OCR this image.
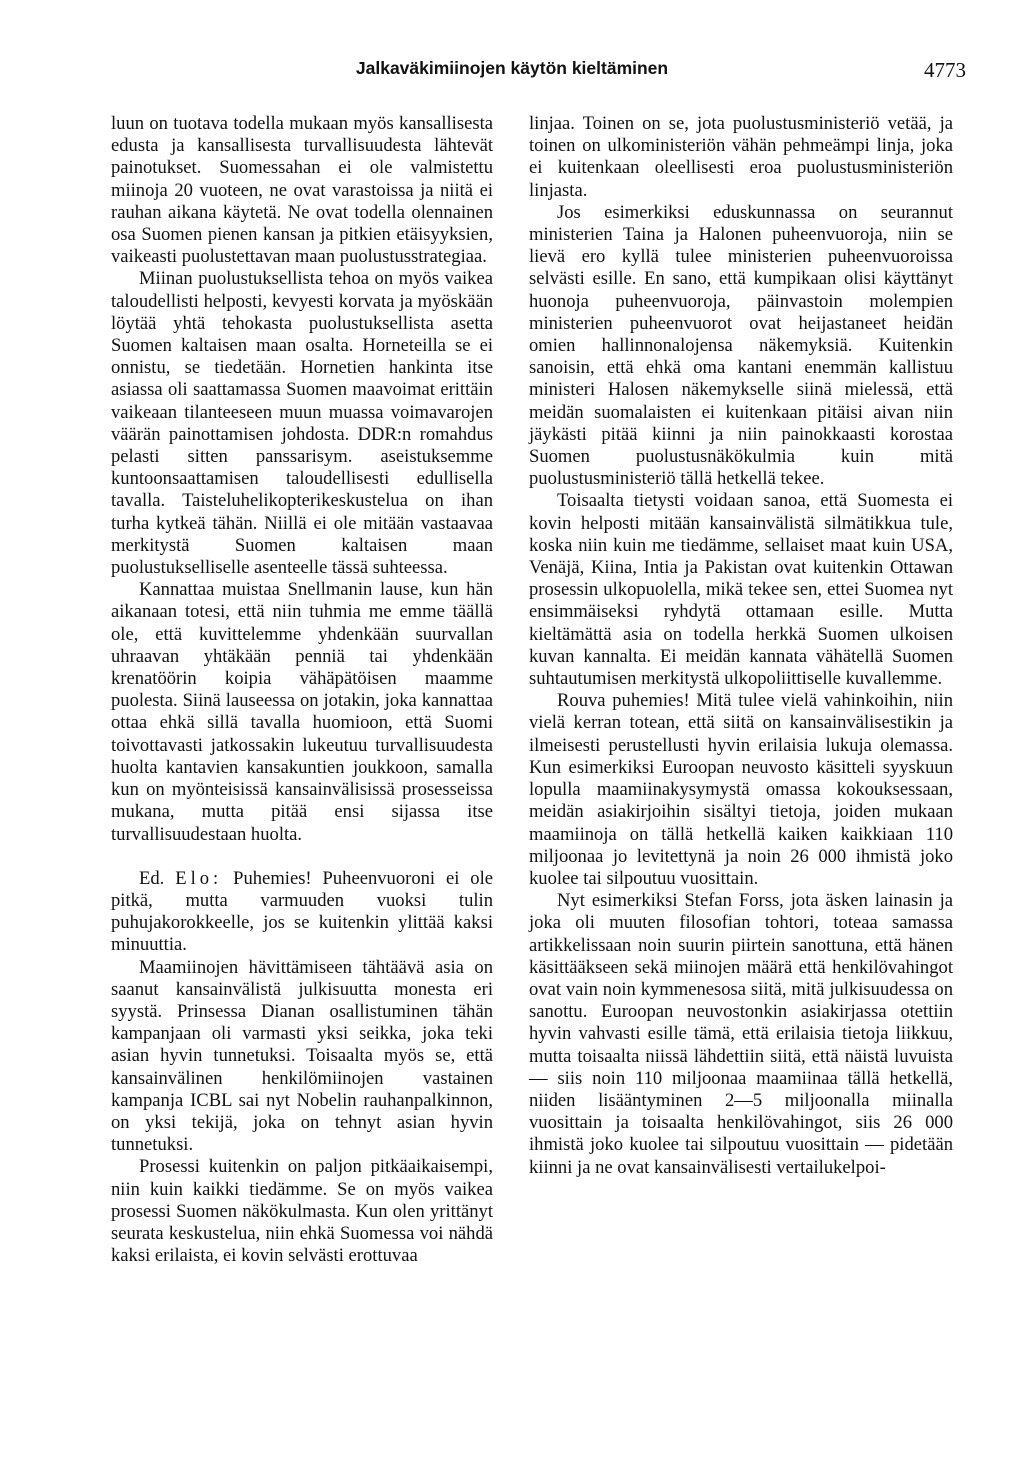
Jalkaväkimiinojen käytön kieltäminen	4773

luun on tuotava todella mukaan myös kansallisesta edusta ja kansallisesta turvallisuudesta lähtevät painotukset. Suomessahan ei ole valmistettu miinoja 20 vuoteen, ne ovat varastoissa ja niitä ei rauhan aikana käytetä. Ne ovat todella olennainen osa Suomen pienen kansan ja pitkien etäisyyksien, vaikeasti puolustettavan maan puolustusstrategiaa.

Miinan puolustuksellista tehoa on myös vaikea taloudellisti helposti, kevyesti korvata ja myöskään löytää yhtä tehokasta puolustuksellista asetta Suomen kaltaisen maan osalta. Horneteilla se ei onnistu, se tiedetään. Hornetien hankinta itse asiassa oli saattamassa Suomen maavoimat erittäin vaikeaan tilanteeseen muun muassa voimavarojen väärän painottamisen johdosta. DDR:n romahdus pelasti sitten panssarisym. aseistuksemme kuntoonsaattamisen taloudellisesti edullisella tavalla. Taisteluhelikopterikeskustelua on ihan turha kytkeä tähän. Niillä ei ole mitään vastaavaa merkitystä Suomen kaltaisen maan puolustukselliselle asenteelle tässä suhteessa.

Kannattaa muistaa Snellmanin lause, kun hän aikanaan totesi, että niin tuhmia me emme täällä ole, että kuvittelemme yhdenkään suurvallan uhraavan yhtäkään penniä tai yhdenkään krenatöörin koipia vähäpätöisen maamme puolesta. Siinä lauseessa on jotakin, joka kannattaa ottaa ehkä sillä tavalla huomioon, että Suomi toivottavasti jatkossakin lukeutuu turvallisuudesta huolta kantavien kansakuntien joukkoon, samalla kun on myönteisissä kansainvälisissä prosesseissa mukana, mutta pitää ensi sijassa itse turvallisuudestaan huolta.

Ed. Elo: Puhemies! Puheenvuoroni ei ole pitkä, mutta varmuuden vuoksi tulin puhujakorokkeelle, jos se kuitenkin ylittää kaksi minuuttia.

Maamiinojen hävittämiseen tähtäävä asia on saanut kansainvälistä julkisuutta monesta eri syystä. Prinsessa Dianan osallistuminen tähän kampanjaan oli varmasti yksi seikka, joka teki asian hyvin tunnetuksi. Toisaalta myös se, että kansainvälinen henkilömiinojen vastainen kampanja ICBL sai nyt Nobelin rauhanpalkinnon, on yksi tekijä, joka on tehnyt asian hyvin tunnetuksi.

Prosessi kuitenkin on paljon pitkäaikaisempi, niin kuin kaikki tiedämme. Se on myös vaikea prosessi Suomen näkökulmasta. Kun olen yrittänyt seurata keskustelua, niin ehkä Suomessa voi nähdä kaksi erilaista, ei kovin selvästi erottuvaa

linjaa. Toinen on se, jota puolustusministeriö vetää, ja toinen on ulkoministeriön vähän pehmeämpi linja, joka ei kuitenkaan oleellisesti eroa puolustusministeriön linjasta.

Jos esimerkiksi eduskunnassa on seurannut ministerien Taina ja Halonen puheenvuoroja, niin se lievä ero kyllä tulee ministerien puheenvuoroissa selvästi esille. En sano, että kumpikaan olisi käyttänyt huonoja puheenvuoroja, päinvastoin molempien ministerien puheenvuorot ovat heijastaneet heidän omien hallinnonalojensa näkemyksiä. Kuitenkin sanoisin, että ehkä oma kantani enemmän kallistuu ministeri Halosen näkemykselle siinä mielessä, että meidän suomalaisten ei kuitenkaan pitäisi aivan niin jäykästi pitää kiinni ja niin painokkaasti korostaa Suomen puolustusnäkökulmia kuin mitä puolustusministeriö tällä hetkellä tekee.

Toisaalta tietysti voidaan sanoa, että Suomesta ei kovin helposti mitään kansainvälistä silmätikkua tule, koska niin kuin me tiedämme, sellaiset maat kuin USA, Venäjä, Kiina, Intia ja Pakistan ovat kuitenkin Ottawan prosessin ulkopuolella, mikä tekee sen, ettei Suomea nyt ensimmäiseksi ryhdytä ottamaan esille. Mutta kieltämättä asia on todella herkkä Suomen ulkoisen kuvan kannalta. Ei meidän kannata vähätellä Suomen suhtautumisen merkitystä ulkopoliittiselle kuvallemme.

Rouva puhemies! Mitä tulee vielä vahinkoihin, niin vielä kerran totean, että siitä on kansainvälisestikin ja ilmeisesti perustellusti hyvin erilaisia lukuja olemassa. Kun esimerkiksi Euroopan neuvosto käsitteli syyskuun lopulla maamiinakysymystä omassa kokouksessaan, meidän asiakirjoihin sisältyi tietoja, joiden mukaan maamiinoja on tällä hetkellä kaiken kaikkiaan 110 miljoonaa jo levitettynä ja noin 26 000 ihmistä joko kuolee tai silpoutuu vuosittain.

Nyt esimerkiksi Stefan Forss, jota äsken lainasin ja joka oli muuten filosofian tohtori, toteaa samassa artikkelissaan noin suurin piirtein sanottuna, että hänen käsittääkseen sekä miinojen määrä että henkilövahingot ovat vain noin kymmenesosa siitä, mitä julkisuudessa on sanottu. Euroopan neuvostonkin asiakirjassa otettiin hyvin vahvasti esille tämä, että erilaisia tietoja liikkuu, mutta toisaalta niissä lähdettiin siitä, että näistä luvuista — siis noin 110 miljoonaa maamiinaa tällä hetkellä, niiden lisääntyminen 2—5 miljoonalla miinalla vuosittain ja toisaalta henkilövahingot, siis 26 000 ihmistä joko kuolee tai silpoutuu vuosittain — pidetään kiinni ja ne ovat kansainvälisesti vertailukelpoi-
